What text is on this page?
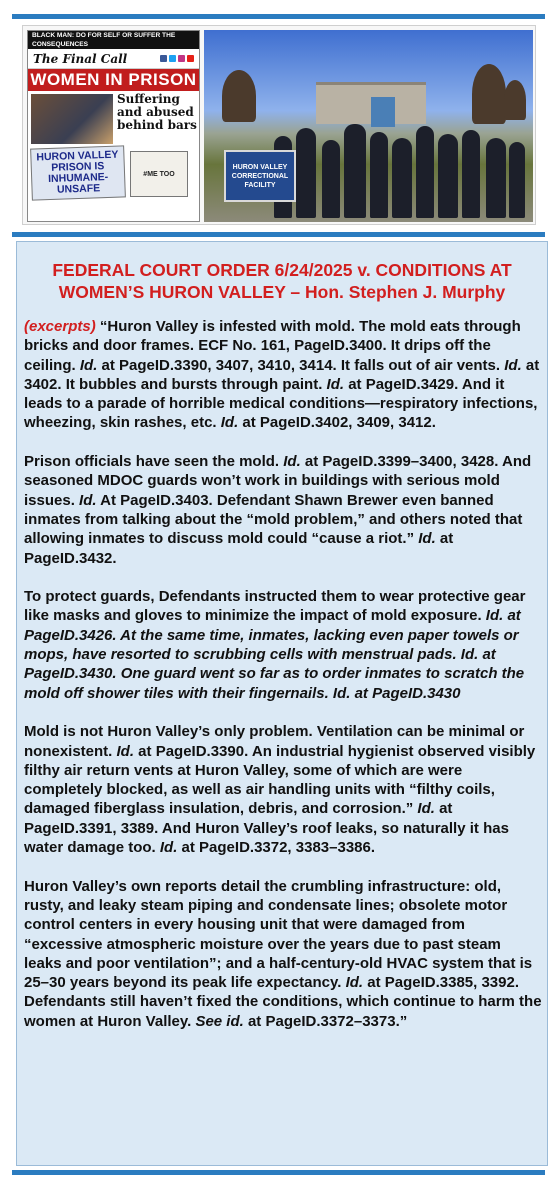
BLACK MAN: DO FOR SELF OR SUFFER THE CONSEQUENCES
The Final Call
WOMEN IN PRISON
Suffering
and abused
behind bars
HURON VALLEY
PRISON IS
INHUMANE-UNSAFE
#ME TOO
HURON VALLEY
CORRECTIONAL FACILITY
FEDERAL COURT ORDER 6/24/2025 v. CONDITIONS AT
WOMEN’S HURON VALLEY – Hon. Stephen J. Murphy

(excerpts) “Huron Valley is infested with mold. The mold eats through bricks and door frames. ECF No. 161, PageID.3400. It drips off the ceiling. Id. at PageID.3390, 3407, 3410, 3414. It falls out of air vents. Id. at 3402. It bubbles and bursts through paint. Id. at PageID.3429. And it leads to a parade of horrible medical conditions—respiratory infections, wheezing, skin rashes, etc. Id. at PageID.3402, 3409, 3412.

Prison officials have seen the mold. Id. at PageID.3399–3400, 3428. And seasoned MDOC guards won’t work in buildings with serious mold issues. Id. At PageID.3403. Defendant Shawn Brewer even banned inmates from talking about the “mold problem,” and others noted that allowing inmates to discuss mold could “cause a riot.” Id. at PageID.3432.

To protect guards, Defendants instructed them to wear protective gear like masks and gloves to minimize the impact of mold exposure. Id. at PageID.3426. At the same time, inmates, lacking even paper towels or mops, have resorted to scrubbing cells with menstrual pads. Id. at PageID.3430. One guard went so far as to order inmates to scratch the mold off shower tiles with their fingernails. Id. at PageID.3430

Mold is not Huron Valley’s only problem. Ventilation can be minimal or nonexistent. Id. at PageID.3390. An industrial hygienist observed visibly filthy air return vents at Huron Valley, some of which are were completely blocked, as well as air handling units with “filthy coils, damaged fiberglass insulation, debris, and corrosion.” Id. at PageID.3391, 3389. And Huron Valley’s roof leaks, so naturally it has water damage too. Id. at PageID.3372, 3383–3386.

Huron Valley’s own reports detail the crumbling infrastructure: old, rusty, and leaky steam piping and condensate lines; obsolete motor control centers in every housing unit that were damaged from “excessive atmospheric moisture over the years due to past steam leaks and poor ventilation”; and a half-century-old HVAC system that is 25–30 years beyond its peak life expectancy. Id. at PageID.3385, 3392. Defendants still haven’t fixed the conditions, which continue to harm the women at Huron Valley. See id. at PageID.3372–3373.”
